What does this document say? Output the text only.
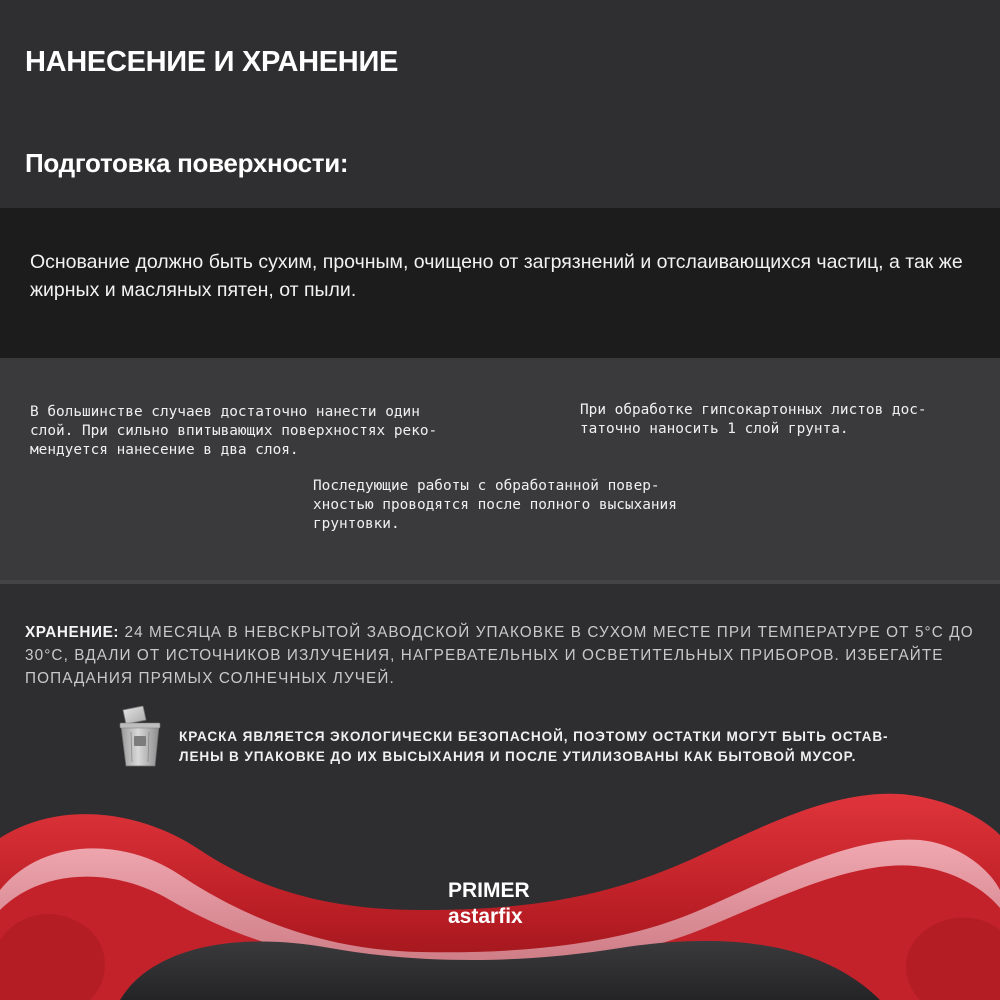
НАНЕСЕНИЕ И ХРАНЕНИЕ
Подготовка поверхности:
Основание должно быть сухим, прочным, очищено от загрязнений и отслаивающихся частиц, а так же жирных и масляных пятен, от пыли.
В большинстве случаев достаточно нанести один
слой. При сильно впитывающих поверхностях реко-
мендуется нанесение в два слоя.
При обработке гипсокартонных листов дос-
таточно наносить 1 слой грунта.
Последующие работы с обработанной повер-
хностью проводятся после полного высыхания
грунтовки.
ХРАНЕНИЕ: 24 МЕСЯЦА В НЕВСКРЫТОЙ ЗАВОДСКОЙ УПАКОВКЕ В СУХОМ МЕСТЕ ПРИ ТЕМПЕРАТУРЕ ОТ 5°С ДО 30°С, ВДАЛИ ОТ ИСТОЧНИКОВ ИЗЛУЧЕНИЯ, НАГРЕВАТЕЛЬНЫХ И ОСВЕТИТЕЛЬНЫХ ПРИБОРОВ. ИЗБЕГАЙТЕ ПОПАДАНИЯ ПРЯМЫХ СОЛНЕЧНЫХ ЛУЧЕЙ.
КРАСКА ЯВЛЯЕТСЯ ЭКОЛОГИЧЕСКИ БЕЗОПАСНОЙ, ПОЭТОМУ ОСТАТКИ МОГУТ БЫТЬ ОСТАВ-
ЛЕНЫ В УПАКОВКЕ ДО ИХ ВЫСЫХАНИЯ И ПОСЛЕ УТИЛИЗОВАНЫ КАК БЫТОВОЙ МУСОР.
PRIMER
astarfix
